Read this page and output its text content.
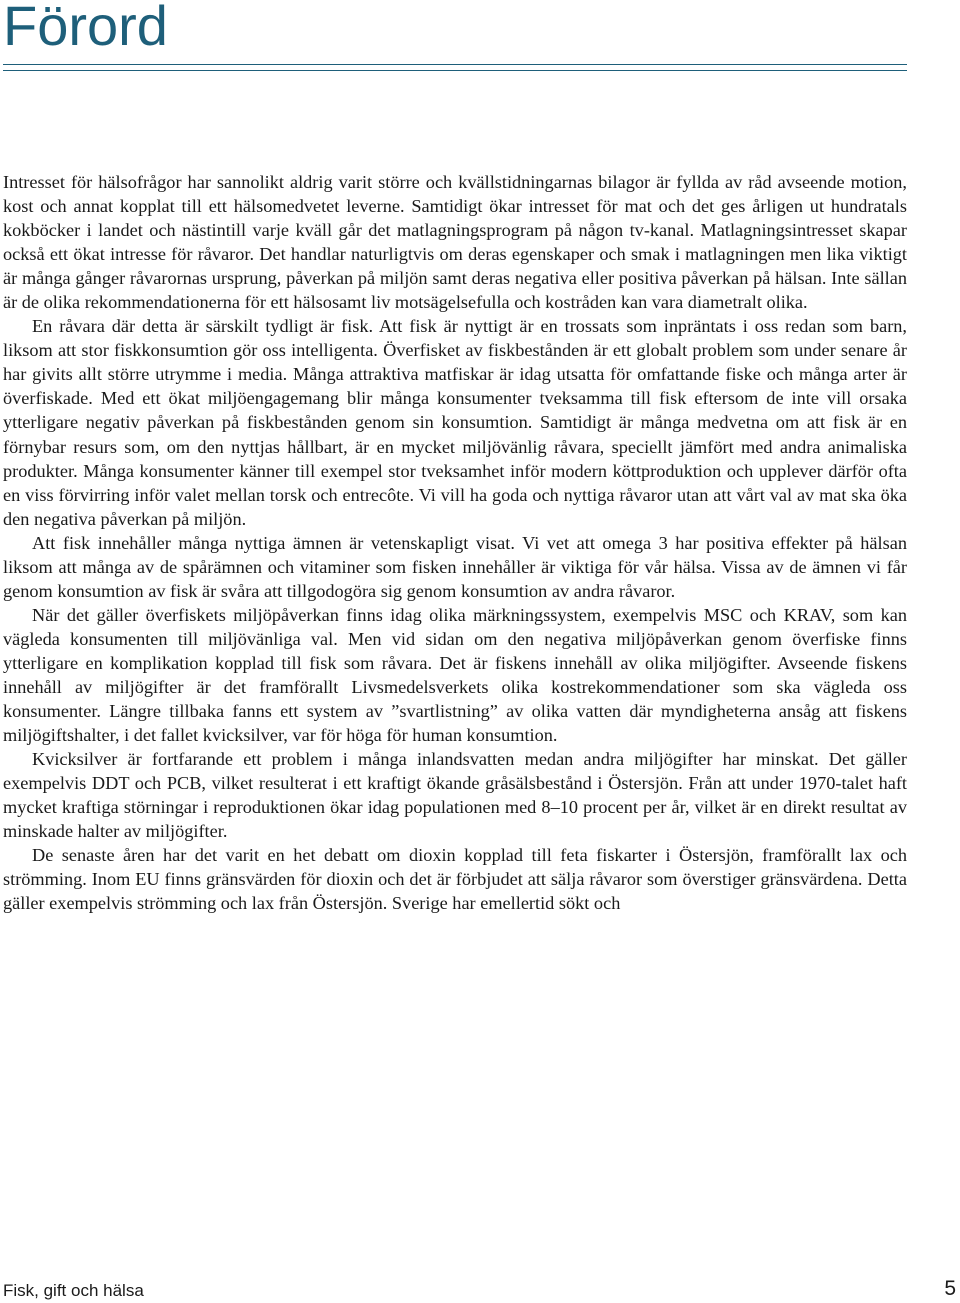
Förord

Intresset för hälsofrågor har sannolikt aldrig varit större och kvällstidningarnas bilagor är fyllda av råd avseende motion, kost och annat kopplat till ett hälsomedvetet leverne. Samtidigt ökar intresset för mat och det ges årligen ut hundratals kokböcker i landet och nästintill varje kväll går det matlagningsprogram på någon tv-kanal. Matlagningsintresset skapar också ett ökat intresse för råvaror. Det handlar naturligtvis om deras egenskaper och smak i matlagningen men lika viktigt är många gånger råvarornas ursprung, påverkan på miljön samt deras negativa eller positiva påverkan på hälsan. Inte sällan är de olika rekommendationerna för ett hälsosamt liv motsägelsefulla och kostråden kan vara diametralt olika.

En råvara där detta är särskilt tydligt är fisk. Att fisk är nyttigt är en trossats som inpräntats i oss redan som barn, liksom att stor fiskkonsumtion gör oss intelligenta. Överfisket av fiskbestånden är ett globalt problem som under senare år har givits allt större utrymme i media. Många attraktiva matfiskar är idag utsatta för omfattande fiske och många arter är överfiskade. Med ett ökat miljöengagemang blir många konsumenter tveksamma till fisk eftersom de inte vill orsaka ytterligare negativ påverkan på fiskbestånden genom sin konsumtion. Samtidigt är många medvetna om att fisk är en förnybar resurs som, om den nyttjas hållbart, är en mycket miljövänlig råvara, speciellt jämfört med andra animaliska produkter. Många konsumenter känner till exempel stor tveksamhet inför modern köttproduktion och upplever därför ofta en viss förvirring inför valet mellan torsk och entrecôte. Vi vill ha goda och nyttiga råvaror utan att vårt val av mat ska öka den negativa påverkan på miljön.

Att fisk innehåller många nyttiga ämnen är vetenskapligt visat. Vi vet att omega 3 har positiva effekter på hälsan liksom att många av de spårämnen och vitaminer som fisken innehåller är viktiga för vår hälsa. Vissa av de ämnen vi får genom konsumtion av fisk är svåra att tillgodogöra sig genom konsumtion av andra råvaror.

När det gäller överfiskets miljöpåverkan finns idag olika märkningssystem, exempelvis MSC och KRAV, som kan vägleda konsumenten till miljövänliga val. Men vid sidan om den negativa miljöpåverkan genom överfiske finns ytterligare en komplikation kopplad till fisk som råvara. Det är fiskens innehåll av olika miljögifter. Avseende fiskens innehåll av miljögifter är det framförallt Livsmedelsverkets olika kostrekommendationer som ska vägleda oss konsumenter. Längre tillbaka fanns ett system av ”svartlistning” av olika vatten där myndigheterna ansåg att fiskens miljögiftshalter, i det fallet kvicksilver, var för höga för human konsumtion.

Kvicksilver är fortfarande ett problem i många inlandsvatten medan andra miljögifter har minskat. Det gäller exempelvis DDT och PCB, vilket resulterat i ett kraftigt ökande gråsälsbestånd i Östersjön. Från att under 1970-talet haft mycket kraftiga störningar i reproduktionen ökar idag populationen med 8–10 procent per år, vilket är en direkt resultat av minskade halter av miljögifter.

De senaste åren har det varit en het debatt om dioxin kopplad till feta fiskarter i Östersjön, framförallt lax och strömming. Inom EU finns gränsvärden för dioxin och det är förbjudet att sälja råvaror som överstiger gränsvärdena. Detta gäller exempelvis strömming och lax från Östersjön. Sverige har emellertid sökt och

Fisk, gift och hälsa	5
